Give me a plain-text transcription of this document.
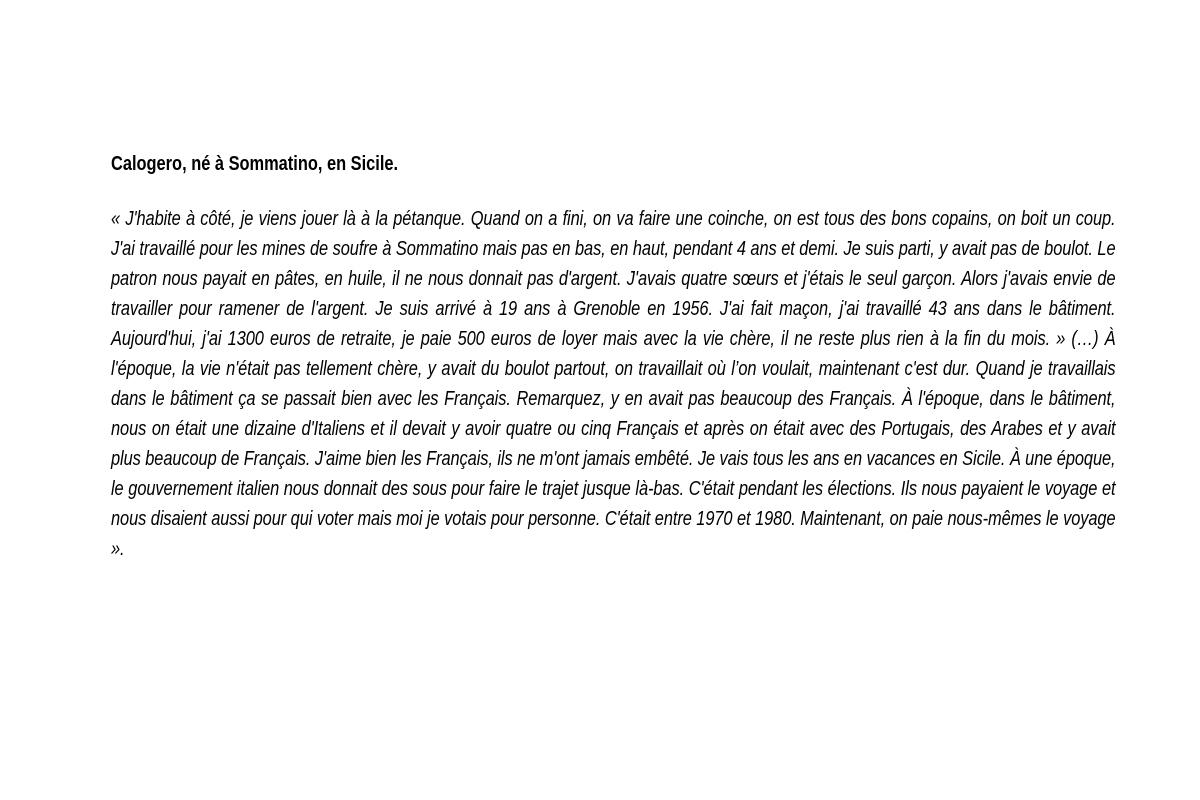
Calogero, né à Sommatino, en Sicile.

« J'habite à côté, je viens jouer là à la pétanque. Quand on a fini, on va faire une coinche, on est tous des bons copains, on boit un coup. J'ai travaillé pour les mines de soufre à Sommatino mais pas en bas, en haut, pendant 4 ans et demi. Je suis parti, y avait pas de boulot. Le patron nous payait en pâtes, en huile, il ne nous donnait pas d'argent. J'avais quatre sœurs et j'étais le seul garçon. Alors j'avais envie de travailler pour ramener de l'argent. Je suis arrivé à 19 ans à Grenoble en 1956. J'ai fait maçon, j'ai travaillé 43 ans dans le bâtiment. Aujourd'hui, j'ai 1300 euros de retraite, je paie 500 euros de loyer mais avec la vie chère, il ne reste plus rien à la fin du mois. » (…) À l'époque, la vie n'était pas tellement chère, y avait du boulot partout, on travaillait où l’on voulait, maintenant c'est dur. Quand je travaillais dans le bâtiment ça se passait bien avec les Français. Remarquez, y en avait pas beaucoup des Français. À l'époque, dans le bâtiment, nous on était une dizaine d'Italiens et il devait y avoir quatre ou cinq Français et après on était avec des Portugais, des Arabes et y avait plus beaucoup de Français. J'aime bien les Français, ils ne m'ont jamais embêté. Je vais tous les ans en vacances en Sicile. À une époque, le gouvernement italien nous donnait des sous pour faire le trajet jusque là-bas. C'était pendant les élections. Ils nous payaient le voyage et nous disaient aussi pour qui voter mais moi je votais pour personne. C'était entre 1970 et 1980. Maintenant, on paie nous-mêmes le voyage ».
